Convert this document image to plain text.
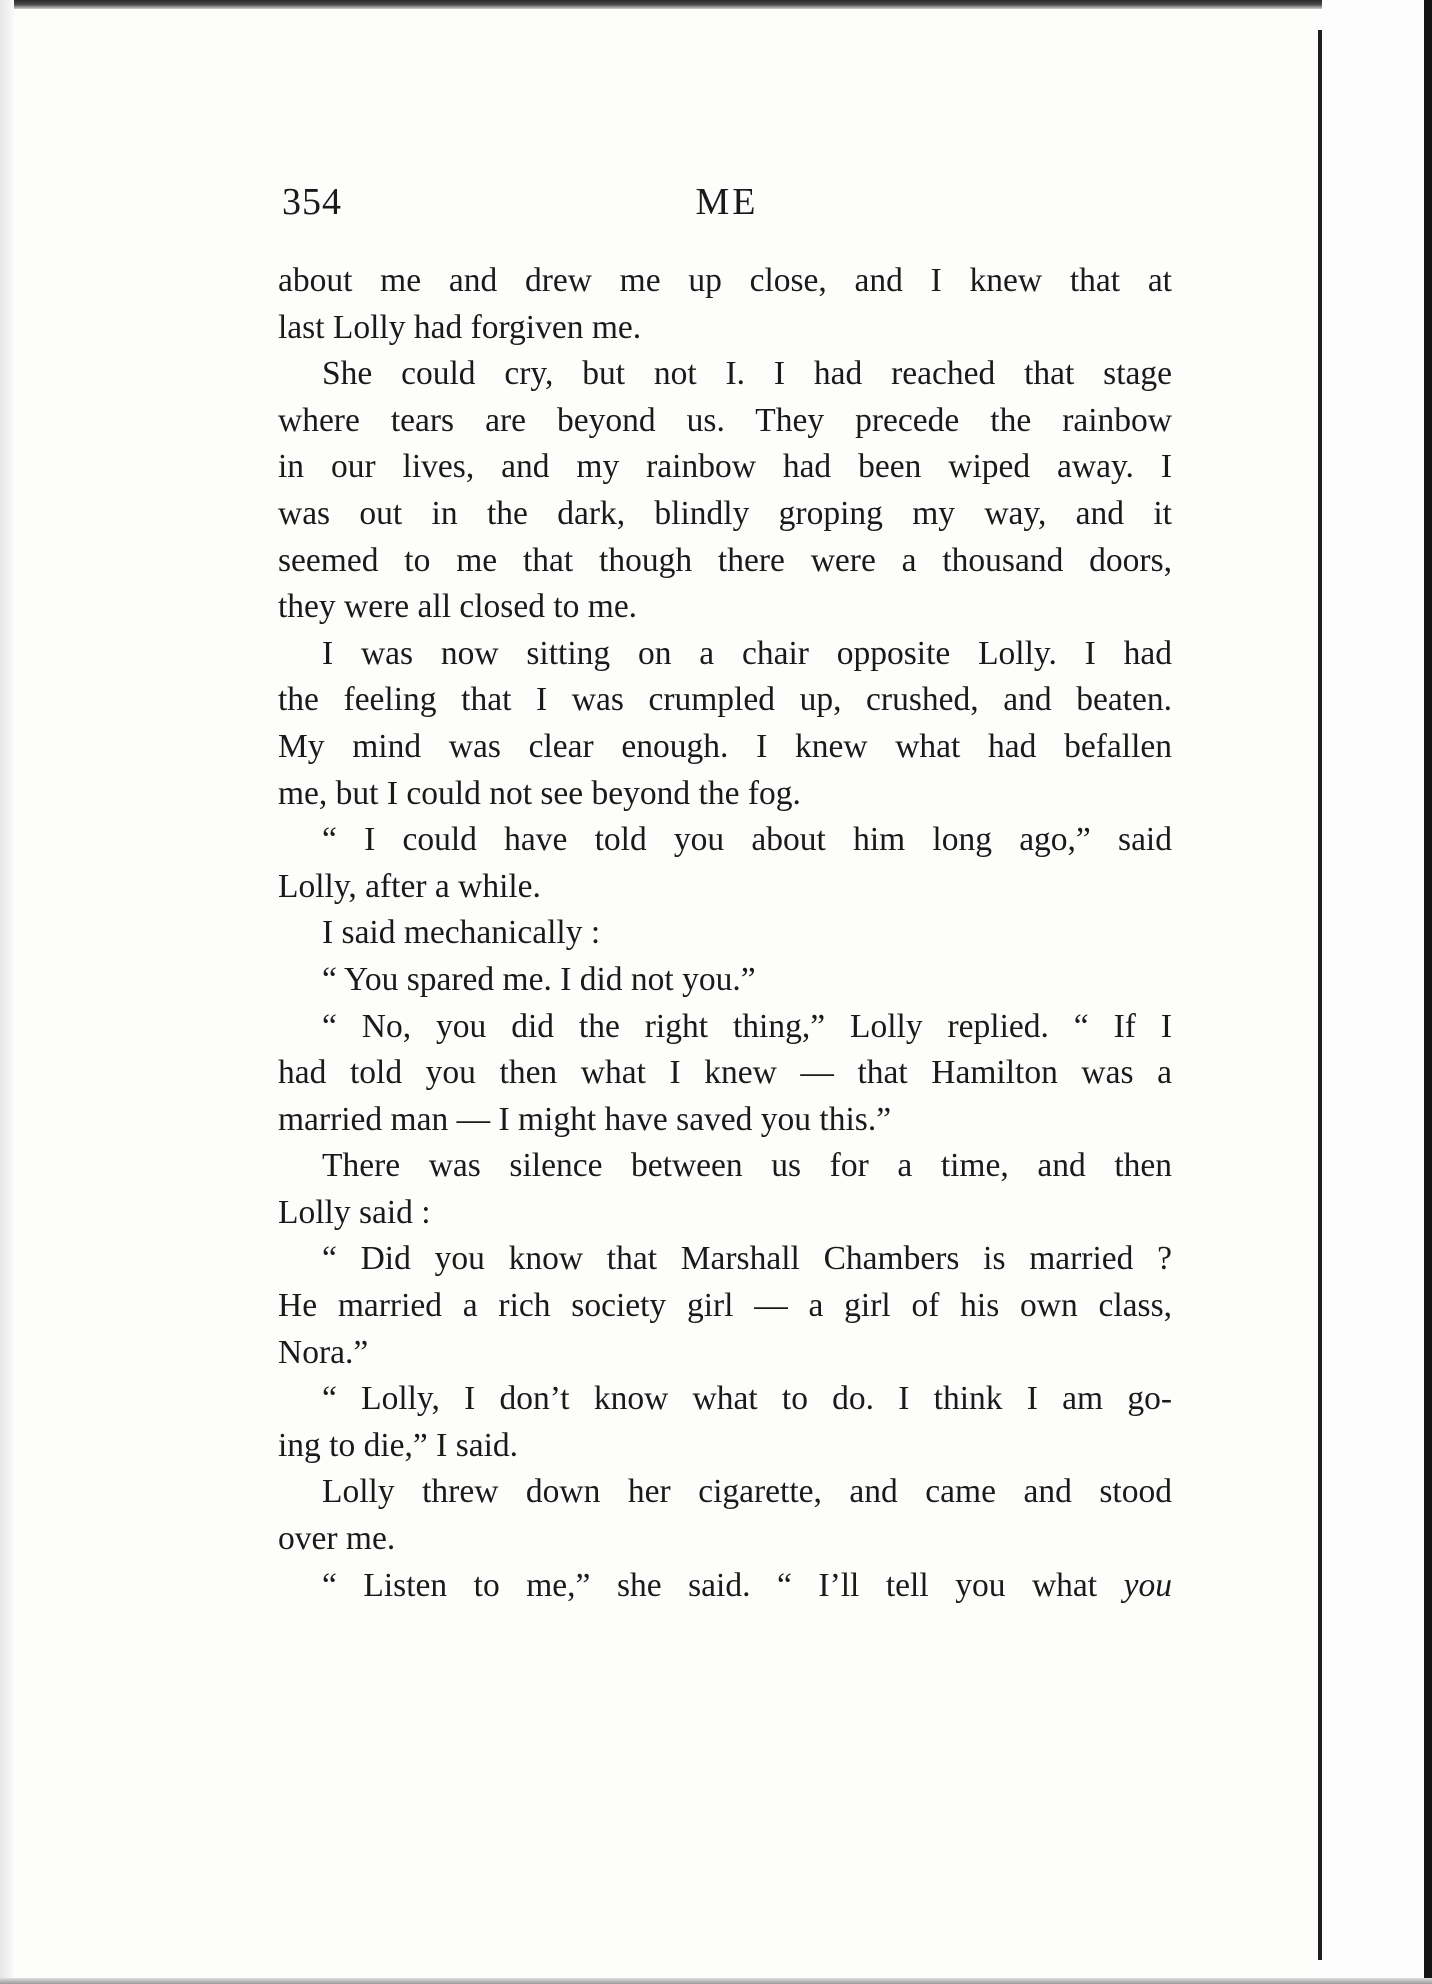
354	ME

about me and drew me up close, and I knew that at

last Lolly had forgiven me.

She could cry, but not I. I had reached that stage

where tears are beyond us. They precede the rainbow

in our lives, and my rainbow had been wiped away. I

was out in the dark, blindly groping my way, and it

seemed to me that though there were a thousand doors,

they were all closed to me.

I was now sitting on a chair opposite Lolly. I had

the feeling that I was crumpled up, crushed, and beaten.

My mind was clear enough. I knew what had befallen

me, but I could not see beyond the fog.

“ I could have told you about him long ago,” said

Lolly, after a while.

I said mechanically :

“ You spared me. I did not you.”

“ No, you did the right thing,” Lolly replied. “ If I

had told you then what I knew — that Hamilton was a

married man — I might have saved you this.”

There was silence between us for a time, and then

Lolly said :

“ Did you know that Marshall Chambers is married ?

He married a rich society girl — a girl of his own class,

Nora.”

“ Lolly, I don’t know what to do. I think I am go-

ing to die,” I said.

Lolly threw down her cigarette, and came and stood

over me.

“ Listen to me,” she said. “ I’ll tell you what you
